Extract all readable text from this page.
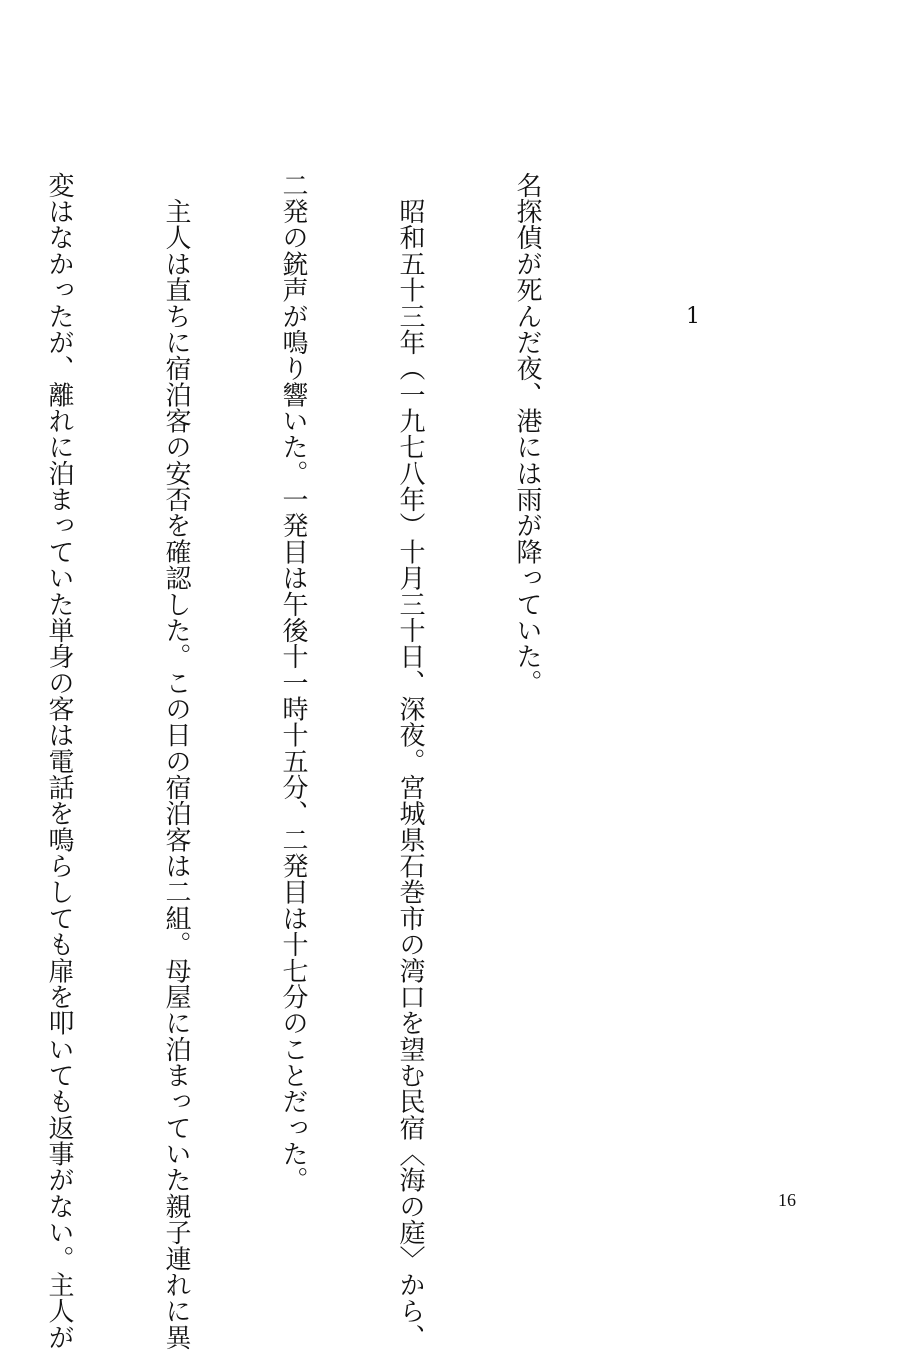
1

名探偵が死んだ夜、港には雨が降っていた。

　昭和五十三年（一九七八年）十月三十日、深夜。宮城県石巻市の湾口を望む民宿〈海の庭〉から、

二発の銃声が鳴り響いた。一発目は午後十一時十五分、二発目は十七分のことだった。

　主人は直ちに宿泊客の安否を確認した。この日の宿泊客は二組。母屋に泊まっていた親子連れに異

変はなかったが、離れに泊まっていた単身の客は電話を鳴らしても扉を叩いても返事がない。主人が

	16
